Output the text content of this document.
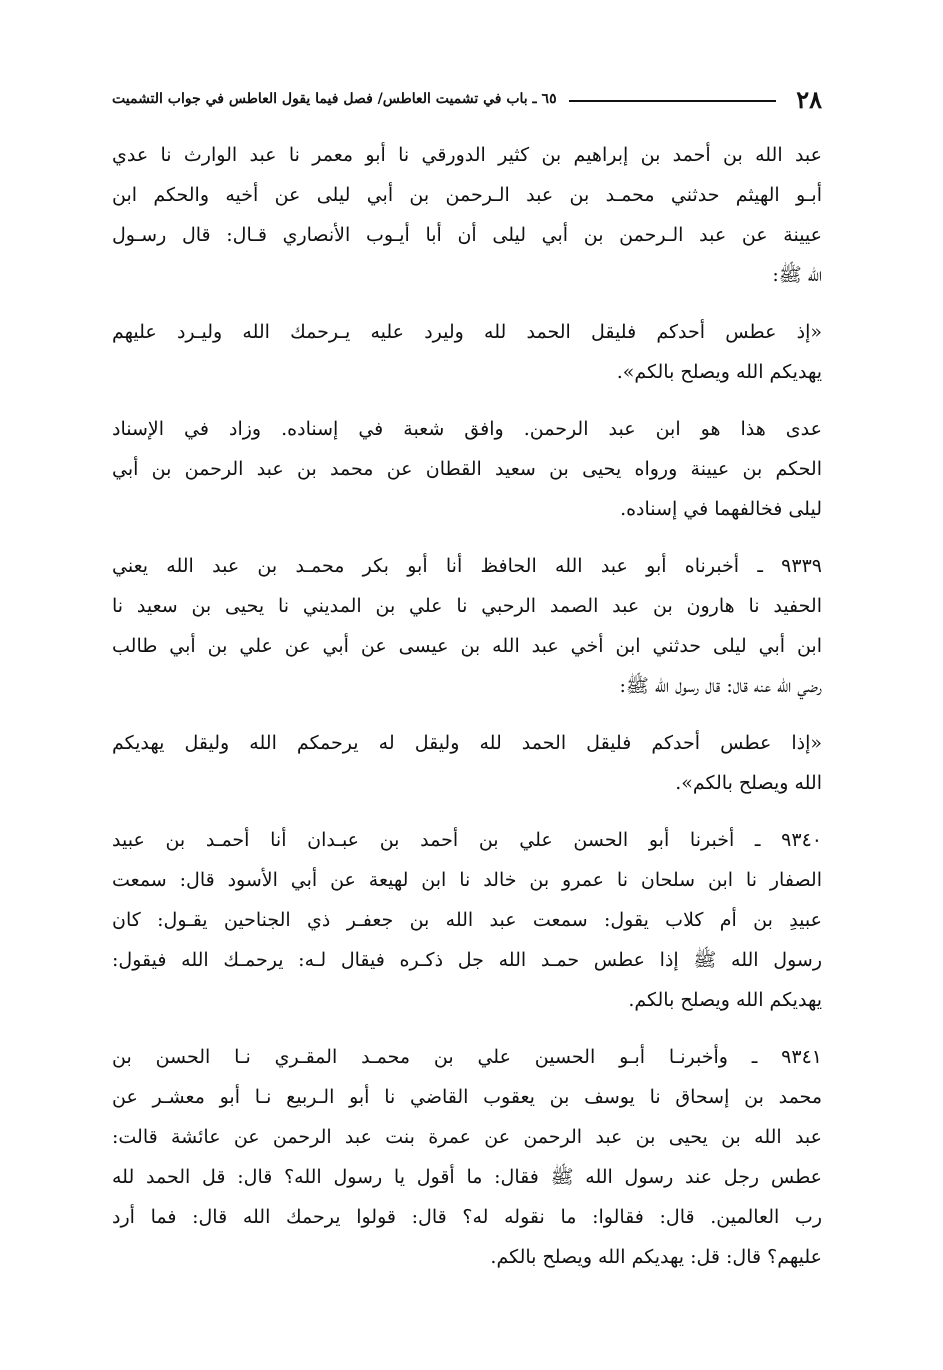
٢٨
٦٥ ـ باب في تشميت العاطس/ فصل فيما يقول العاطس في جواب التشميت
عبد الله بن أحمد بن إبراهيم بن كثير الدورقي نا أبو معمر نا عبد الوارث نا عدي
أبـو الهيثم حدثني محمـد بن عبد الـرحمن بن أبي ليلى عن أخيه والحكم ابن
عيينة عن عبد الـرحمن بن أبي ليلى أن أبا أيـوب الأنصاري قـال: قال رسـول
الله ﷺ:
«إذ عطس أحدكم فليقل الحمد لله وليرد عليه يـرحمك الله وليـرد عليهم
يهديكم الله ويصلح بالكم».
عدى هذا هو ابن عبد الرحمن. وافق شعبة في إسناده. وزاد في الإسناد
الحكم بن عيينة ورواه يحيى بن سعيد القطان عن محمد بن عبد الرحمن بن أبي
ليلى فخالفهما في إسناده.
٩٣٣٩ ـ أخبرناه أبو عبد الله الحافظ أنا أبو بكر محمـد بن عبد الله يعني
الحفيد نا هارون بن عبد الصمد الرحبي نا علي بن المديني نا يحيى بن سعيد نا
ابن أبي ليلى حدثني ابن أخي عبد الله بن عيسى عن أبي عن علي بن أبي طالب
رضي الله عنه قال: قال رسول الله ﷺ:
«إذا عطس أحدكم فليقل الحمد لله وليقل له يرحمكم الله وليقل يهديكم
الله ويصلح بالكم».
٩٣٤٠ ـ أخبرنا أبو الحسن علي بن أحمد بن عبـدان أنا أحمـد بن عبيد
الصفار نا ابن سلحان نا عمرو بن خالد نا ابن لهيعة عن أبي الأسود قال: سمعت
عبيدِ بن أم كلاب يقول: سمعت عبد الله بن جعفـر ذي الجناحين يقـول: كان
رسول الله ﷺ إذا عطس حمـد الله جل ذكـره فيقال لـه: يرحمـك الله فيقول:
يهديكم الله ويصلح بالكم.
٩٣٤١ ـ وأخبرنـا أبـو الحسين علي بن محمـد المقـري نـا الحسن بن
محمد بن إسحاق نا يوسف بن يعقوب القاضي نا أبو الـربيع نـا أبو معشـر عن
عبد الله بن يحيى بن عبد الرحمن عن عمرة بنت عبد الرحمن عن عائشة قالت:
عطس رجل عند رسول الله ﷺ فقال: ما أقول يا رسول الله؟ قال: قل الحمد لله
رب العالمين. قال: فقالوا: ما نقوله له؟ قال: قولوا يرحمك الله قال: فما أرد
عليهم؟ قال: قل: يهديكم الله ويصلح بالكم.
